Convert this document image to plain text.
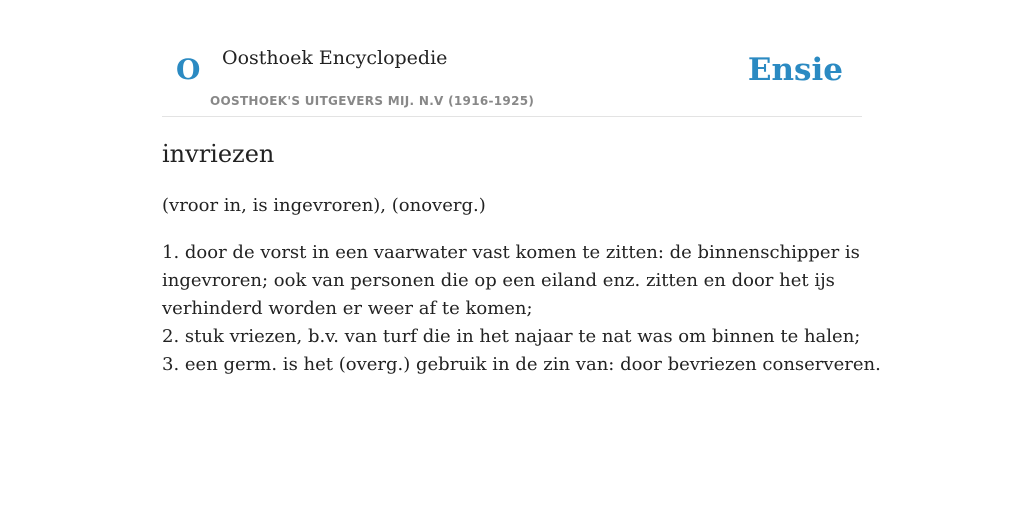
O Oosthoek Encyclopedie
OOSTHOEK'S UITGEVERS MIJ. N.V (1916-1925)
Ensie
invriezen

(vroor in, is ingevroren), (onoverg.)

1. door de vorst in een vaarwater vast komen te zitten: de binnenschipper is
ingevroren; ook van personen die op een eiland enz. zitten en door het ijs
verhinderd worden er weer af te komen;
2. stuk vriezen, b.v. van turf die in het najaar te nat was om binnen te halen;
3. een germ. is het (overg.) gebruik in de zin van: door bevriezen conserveren.
